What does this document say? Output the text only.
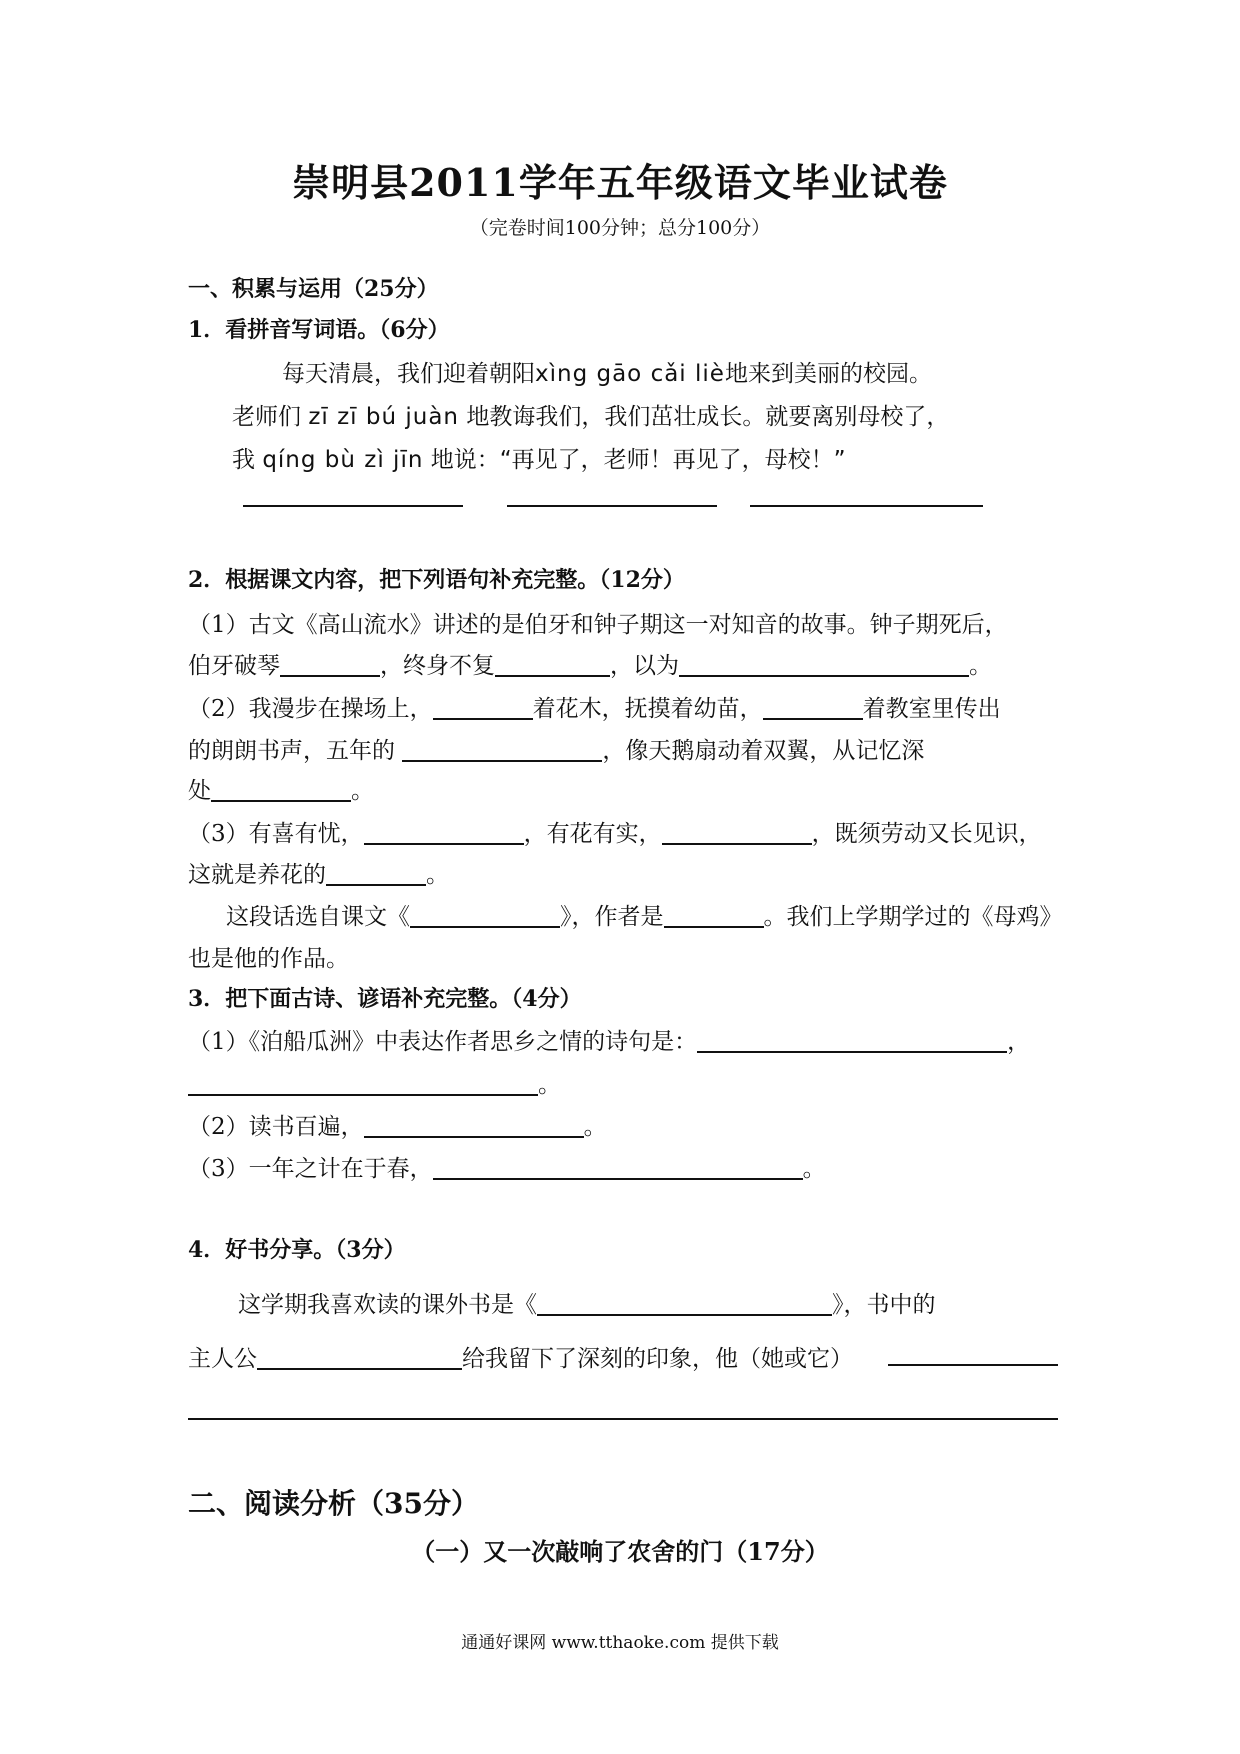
崇明县2011学年五年级语文毕业试卷
（完卷时间100分钟；总分100分）
一、积累与运用（25分）
1．看拼音写词语。（6分）
每天清晨，我们迎着朝阳xìng gāo cǎi liè地来到美丽的校园。
老师们 zī zī bú juàn 地教诲我们，我们茁壮成长。就要离别母校了，
我 qíng bù zì jīn 地说：“再见了，老师！再见了，母校！”
2．根据课文内容，把下列语句补充完整。（12分）
（1）古文《高山流水》讲述的是伯牙和钟子期这一对知音的故事。钟子期死后，
伯牙破琴	，终身不复	，以为	。
（2）我漫步在操场上，	着花木，抚摸着幼苗，	着教室里传出
的朗朗书声，五年的	，像天鹅扇动着双翼，从记忆深
处	。
（3）有喜有忧，	，有花有实，	，既须劳动又长见识，
这就是养花的	。
这段话选自课文《	》，作者是	。我们上学期学过的《母鸡》
也是他的作品。
3．把下面古诗、谚语补充完整。（4分）
（1）《泊船瓜洲》中表达作者思乡之情的诗句是：	，
。
（2）读书百遍，	。
（3）一年之计在于春，	。
4．好书分享。（3分）
这学期我喜欢读的课外书是《	》，书中的
主人公	给我留下了深刻的印象，他（她或它）
二、阅读分析（35分）
（一）又一次敲响了农舍的门（17分）
通通好课网 www.tthaoke.com 提供下载
